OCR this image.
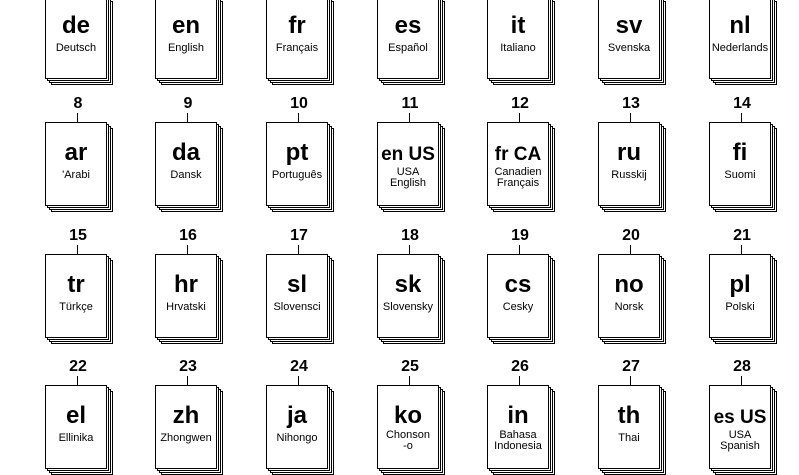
de
Deutsch
en
English
fr
Français
es
Español
it
Italiano
sv
Svenska
nl
Nederlands
8
ar
'Arabi
9
da
Dansk
10
pt
Português
11
en US
USA
English
12
fr CA
Canadien
Français
13
ru
Russkij
14
fi
Suomi
15
tr
Türkçe
16
hr
Hrvatski
17
sl
Slovensci
18
sk
Slovensky
19
cs
Cesky
20
no
Norsk
21
pl
Polski
22
el
Ellinika
23
zh
Zhongwen
24
ja
Nihongo
25
ko
Chonson
-o
26
in
Bahasa
Indonesia
27
th
Thai
28
es US
USA
Spanish
